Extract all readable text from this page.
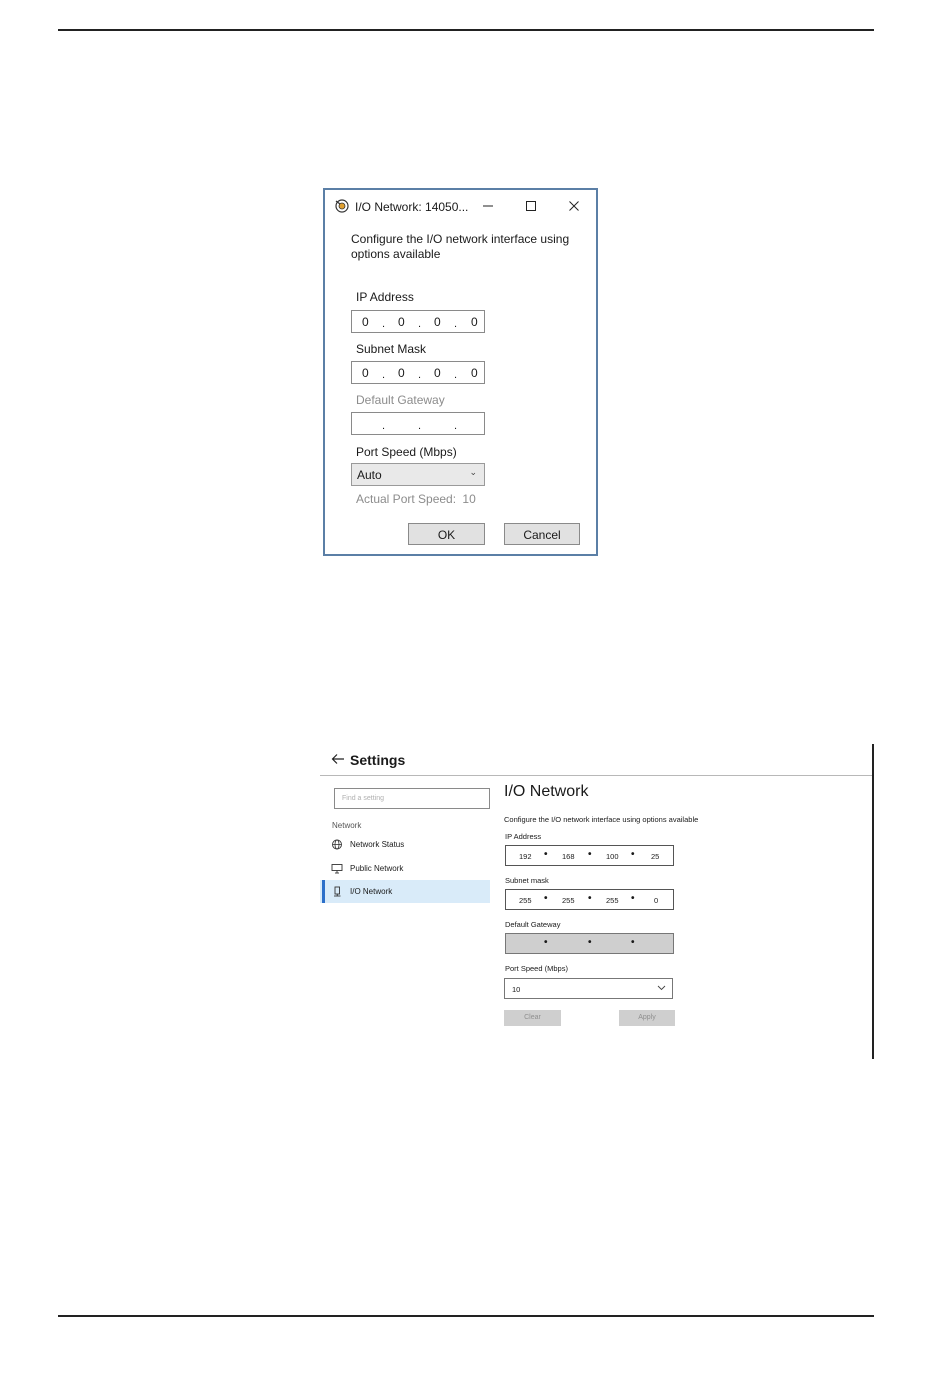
I/O Network: 14050...
Configure the I/O network interface using options available
IP Address
0 . 0 . 0 . 0
Subnet Mask
0 . 0 . 0 . 0
Default Gateway
.	.	.
Port Speed (Mbps)
Auto	⌄
Actual Port Speed: 10
OK	Cancel
Settings
Find a setting
Network
Network Status
Public Network
I/O Network
I/O Network
Configure the I/O network interface using options available
IP Address
192 • 168 • 100 • 25
Subnet mask
255 • 255 • 255 •	0
Default Gateway
•	•	•
Port Speed (Mbps)
10
Clear	Apply
